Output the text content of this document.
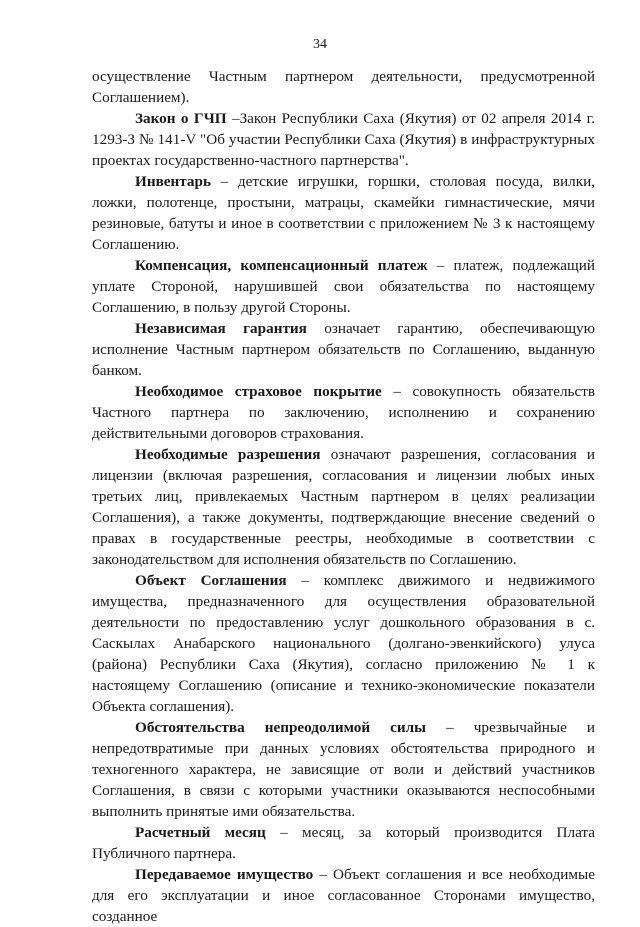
34

осуществление Частным партнером деятельности, предусмотренной Соглашением).

Закон о ГЧП –Закон Республики Саха (Якутия) от 02 апреля 2014 г. 1293-З № 141-V "Об участии Республики Саха (Якутия) в инфраструктурных проектах государственно-частного партнерства".

Инвентарь – детские игрушки, горшки, столовая посуда, вилки, ложки, полотенце, простыни, матрацы, скамейки гимнастические, мячи резиновые, батуты и иное в соответствии с приложением № 3 к настоящему Соглашению.

Компенсация, компенсационный платеж – платеж, подлежащий уплате Стороной, нарушившей свои обязательства по настоящему Соглашению, в пользу другой Стороны.

Независимая гарантия означает гарантию, обеспечивающую исполнение Частным партнером обязательств по Соглашению, выданную банком.

Необходимое страховое покрытие – совокупность обязательств Частного партнера по заключению, исполнению и сохранению действительными договоров страхования.

Необходимые разрешения означают разрешения, согласования и лицензии (включая разрешения, согласования и лицензии любых иных третьих лиц, привлекаемых Частным партнером в целях реализации Соглашения), а также документы, подтверждающие внесение сведений о правах в государственные реестры, необходимые в соответствии с законодательством для исполнения обязательств по Соглашению.

Объект Соглашения – комплекс движимого и недвижимого имущества, предназначенного для осуществления образовательной деятельности по предоставлению услуг дошкольного образования в с. Саскылах Анабарского национального (долгано-эвенкийского) улуса (района) Республики Саха (Якутия), согласно приложению № 1 к настоящему Соглашению (описание и технико-экономические показатели Объекта соглашения).

Обстоятельства непреодолимой силы – чрезвычайные и непредотвратимые при данных условиях обстоятельства природного и техногенного характера, не зависящие от воли и действий участников Соглашения, в связи с которыми участники оказываются неспособными выполнить принятые ими обязательства.

Расчетный месяц – месяц, за который производится Плата Публичного партнера.

Передаваемое имущество – Объект соглашения и все необходимые для его эксплуатации и иное согласованное Сторонами имущество, созданное
